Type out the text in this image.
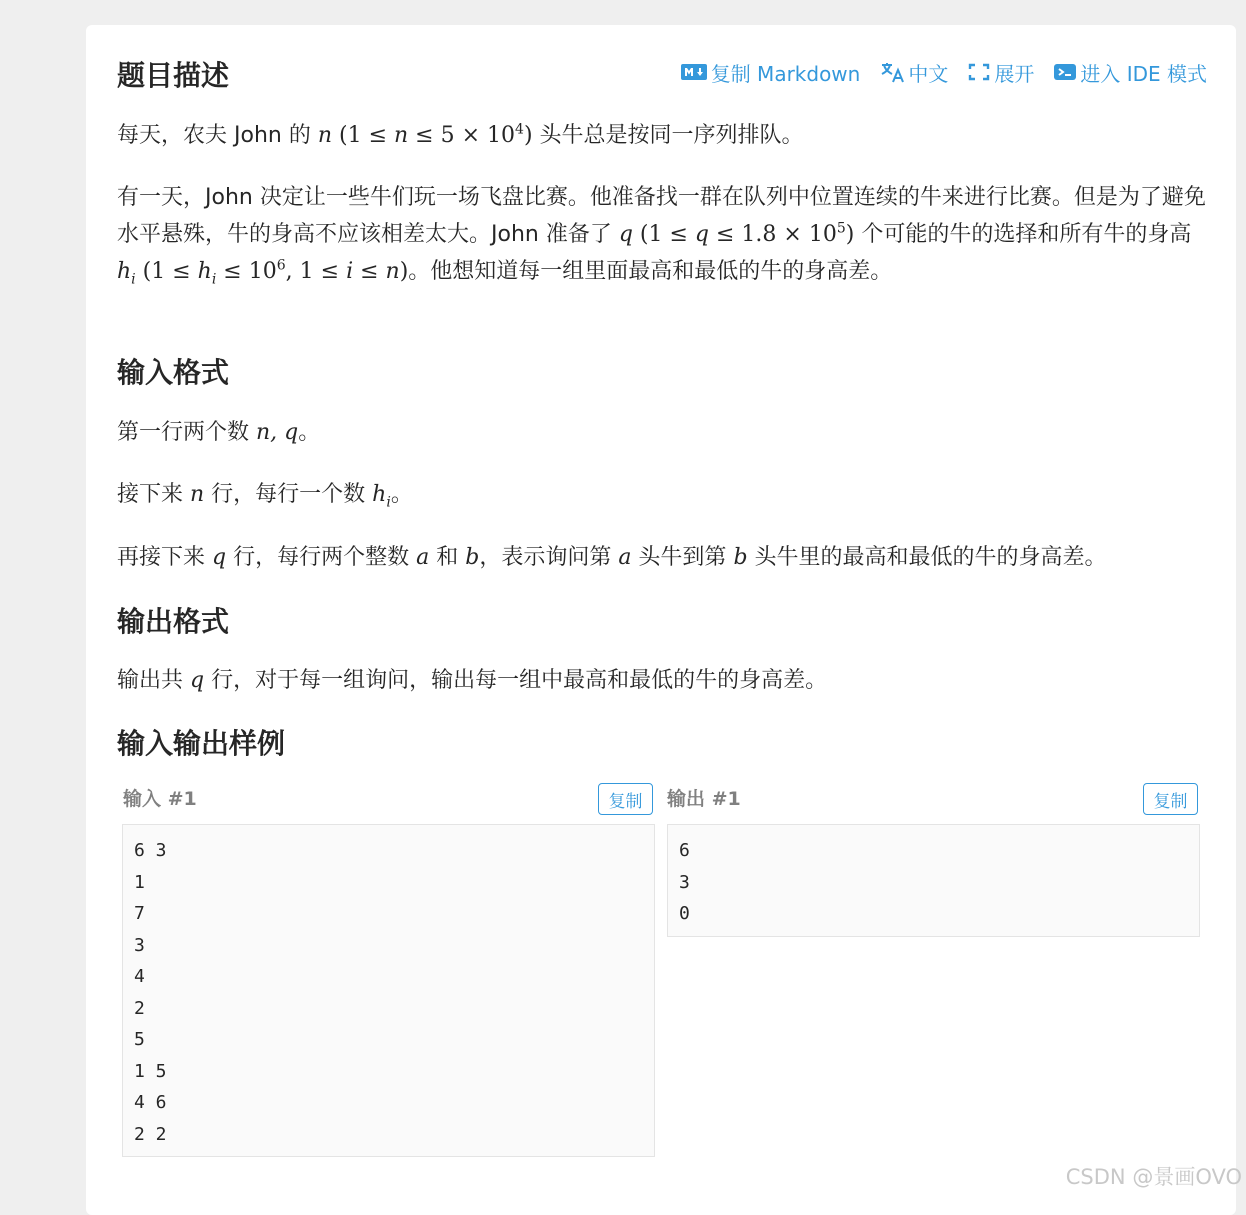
题目描述	复制 Markdown 中文 展开 进入 IDE 模式

每天，农夫 John 的 n $(1 \le n \le 5 \times 10^4)$ 头牛总是按同一序列排队。

有一天，John 决定让一些牛们玩一场飞盘比赛。他准备找一群在队列中位置连续的牛来进行比赛。但是为了避免水平悬殊，牛的身高不应该相差太大。John 准备了 q $(1 \le q \le 1.8 \times 10^5)$ 个可能的牛的选择和所有牛的身高 $h_i$ ($1 \le h_i \le 10^6$, 1 ≤ i ≤ n)。他想知道每一组里面最高和最低的牛的身高差。

输入格式

第一行两个数 n, q。

接下来 n 行，每行一个数 $h_i$。

再接下来 q 行，每行两个整数 a 和 b，表示询问第 a 头牛到第 b 头牛里的最高和最低的牛的身高差。

输出格式

输出共 q 行，对于每一组询问，输出每一组中最高和最低的牛的身高差。

输入输出样例
输入 #1	复制
6 3
1
7
3
4
2
5
1 5
4 6
2 2
输出 #1	复制
6
3
0
CSDN @景画OVO
